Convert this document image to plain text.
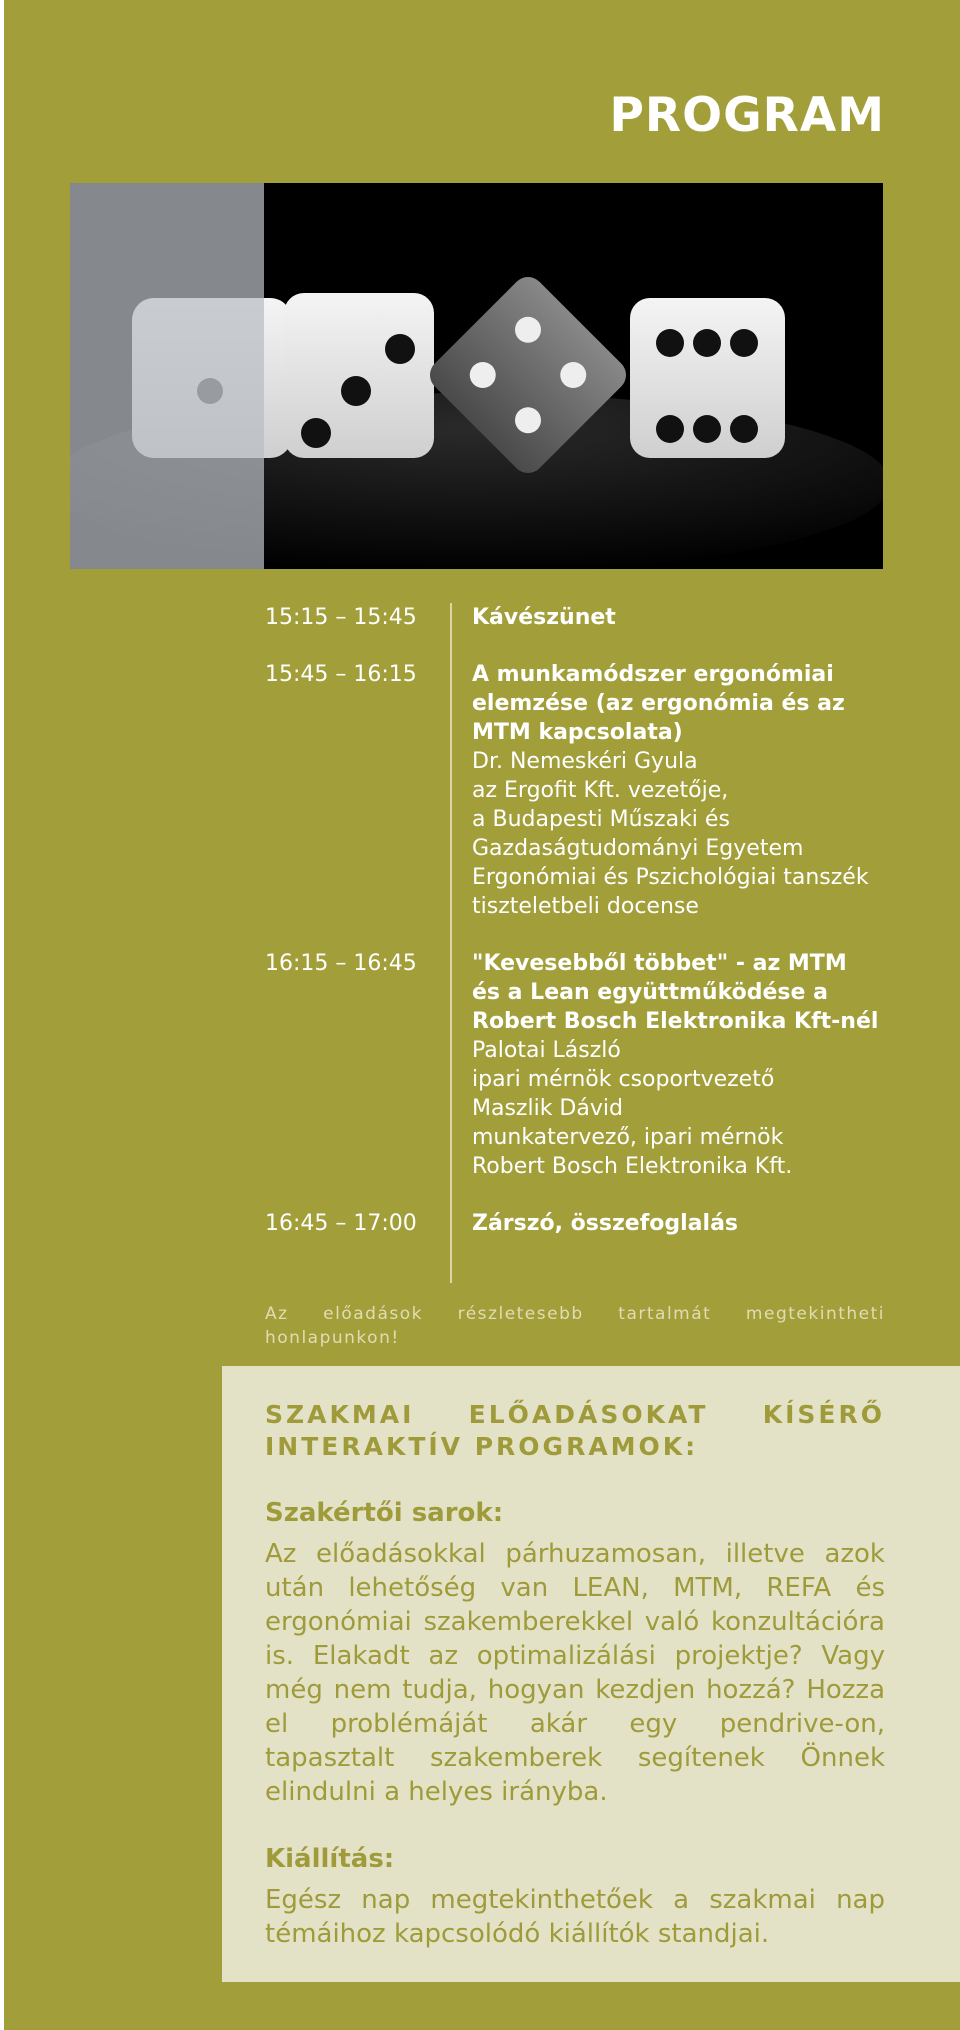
PROGRAM
15:15 – 15:45	Kávészünet
15:45 – 16:15	A munkamódszer ergonómiai elemzése (az ergonómia és az MTM kapcsolata)
Dr. Nemeskéri Gyula
az Ergofit Kft. vezetője,
a Budapesti Műszaki és Gazdaságtudományi Egyetem Ergonómiai és Pszichológiai tanszék tiszteletbeli docense
16:15 – 16:45	"Kevesebből többet" - az MTM és a Lean együttműködése a Robert Bosch Elektronika Kft-nél
Palotai László
ipari mérnök csoportvezető
Maszlik Dávid
munkatervező, ipari mérnök
Robert Bosch Elektronika Kft.
16:45 – 17:00	Zárszó, összefoglalás
Az előadások részletesebb tartalmát megtekintheti honlapunkon!
SZAKMAI ELŐADÁSOKAT KÍSÉRŐ INTERAKTÍV PROGRAMOK:
Szakértői sarok:
Az előadásokkal párhuzamosan, illetve azok után lehetőség van LEAN, MTM, REFA és ergonómiai szakemberekkel való konzultációra is. Elakadt az optimalizálási projektje? Vagy még nem tudja, hogyan kezdjen hozzá? Hozza el problémáját akár egy pendrive-on, tapasztalt szakemberek segítenek Önnek elindulni a helyes irányba.
Kiállítás:
Egész nap megtekinthetőek a szakmai nap témáihoz kapcsolódó kiállítók standjai.
